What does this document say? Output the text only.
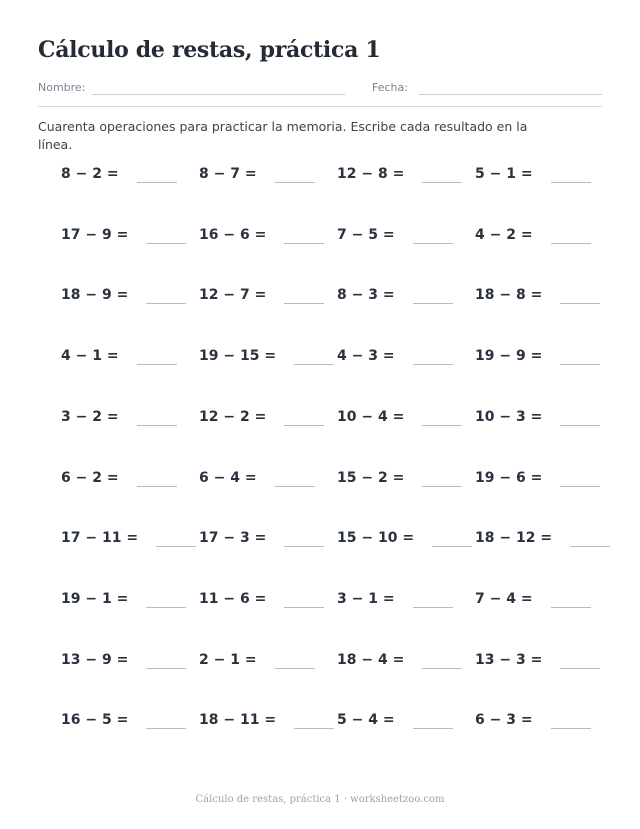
Cálculo de restas, práctica 1
Nombre:	Fecha:

Cuarenta operaciones para practicar la memoria. Escribe cada resultado en la línea.

8 − 2 =	8 − 7 =	12 − 8 =	5 − 1 =
17 − 9 =	16 − 6 =	7 − 5 =	4 − 2 =
18 − 9 =	12 − 7 =	8 − 3 =	18 − 8 =
4 − 1 =	19 − 15 =	4 − 3 =	19 − 9 =
3 − 2 =	12 − 2 =	10 − 4 =	10 − 3 =
6 − 2 =	6 − 4 =	15 − 2 =	19 − 6 =
17 − 11 =	17 − 3 =	15 − 10 =	18 − 12 =
19 − 1 =	11 − 6 =	3 − 1 =	7 − 4 =
13 − 9 =	2 − 1 =	18 − 4 =	13 − 3 =
16 − 5 =	18 − 11 =	5 − 4 =	6 − 3 =
Cálculo de restas, práctica 1 · worksheetzoo.com
